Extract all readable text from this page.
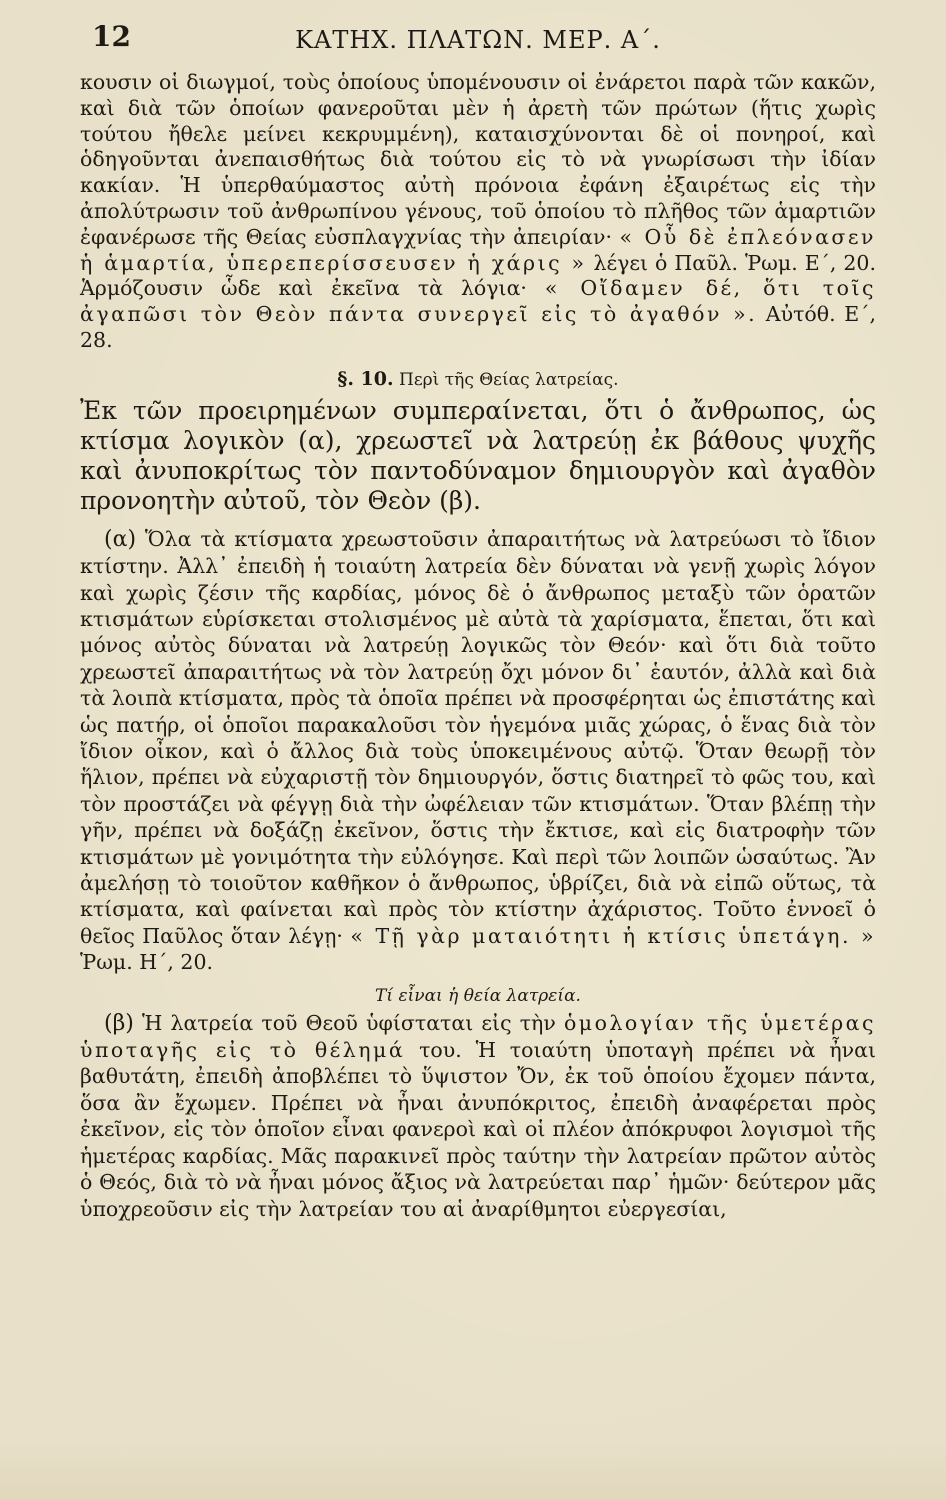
12	ΚΑΤΗΧ. ΠΛΑΤΩΝ. ΜΕΡ. Α΄.

κουσιν οἱ διωγμοί, τοὺς ὁποίους ὑπομένουσιν οἱ ἐνάρετοι παρὰ τῶν κακῶν, καὶ διὰ τῶν ὁποίων φανεροῦται μὲν ἡ ἀρετὴ τῶν πρώτων (ἥτις χωρὶς τούτου ἤθελε μείνει κεκρυμμένη), καταισχύνονται δὲ οἱ πονηροί, καὶ ὁδηγοῦνται ἀνεπαισθήτως διὰ τούτου εἰς τὸ νὰ γνωρίσωσι τὴν ἰδίαν κακίαν. Ἡ ὑπερθαύμαστος αὐτὴ πρόνοια ἐφάνη ἐξαιρέτως εἰς τὴν ἀπολύτρωσιν τοῦ ἀνθρωπίνου γένους, τοῦ ὁποίου τὸ πλῆθος τῶν ἁμαρτιῶν ἐφανέρωσε τῆς Θείας εὐσπλαγχνίας τὴν ἀπειρίαν· « Οὗ δὲ ἐπλεόνασεν ἡ ἁμαρτία, ὑπερεπερίσσευσεν ἡ χάρις » λέγει ὁ Παῦλ. Ῥωμ. Ε΄, 20. Ἁρμόζουσιν ὧδε καὶ ἐκεῖνα τὰ λόγια· « Οἴδαμεν δέ, ὅτι τοῖς ἀγαπῶσι τὸν Θεὸν πάντα συνεργεῖ εἰς τὸ ἀγαθόν ». Αὐτόθ. Ε΄, 28.

§. 10. Περὶ τῆς Θείας λατρείας.

Ἐκ τῶν προειρημένων συμπεραίνεται, ὅτι ὁ ἄνθρωπος, ὡς κτίσμα λογικὸν (α), χρεωστεῖ νὰ λατρεύῃ ἐκ βάθους ψυχῆς καὶ ἀνυποκρίτως τὸν παντοδύναμον δημιουργὸν καὶ ἀγαθὸν προνοητὴν αὐτοῦ, τὸν Θεὸν (β).

(α) Ὅλα τὰ κτίσματα χρεωστοῦσιν ἀπαραιτήτως νὰ λατρεύωσι τὸ ἴδιον κτίστην. Ἀλλ᾽ ἐπειδὴ ἡ τοιαύτη λατρεία δὲν δύναται νὰ γενῇ χωρὶς λόγον καὶ χωρὶς ζέσιν τῆς καρδίας, μόνος δὲ ὁ ἄνθρωπος μεταξὺ τῶν ὁρατῶν κτισμάτων εὑρίσκεται στολισμένος μὲ αὐτὰ τὰ χαρίσματα, ἕπεται, ὅτι καὶ μόνος αὐτὸς δύναται νὰ λατρεύῃ λογικῶς τὸν Θεόν· καὶ ὅτι διὰ τοῦτο χρεωστεῖ ἀπαραιτήτως νὰ τὸν λατρεύῃ ὄχι μόνον δι᾽ ἑαυτόν, ἀλλὰ καὶ διὰ τὰ λοιπὰ κτίσματα, πρὸς τὰ ὁποῖα πρέπει νὰ προσφέρηται ὡς ἐπιστάτης καὶ ὡς πατήρ, οἱ ὁποῖοι παρακαλοῦσι τὸν ἡγεμόνα μιᾶς χώρας, ὁ ἕνας διὰ τὸν ἴδιον οἶκον, καὶ ὁ ἄλλος διὰ τοὺς ὑποκειμένους αὐτῷ. Ὅταν θεωρῇ τὸν ἥλιον, πρέπει νὰ εὐχαριστῇ τὸν δημιουργόν, ὅστις διατηρεῖ τὸ φῶς του, καὶ τὸν προστάζει νὰ φέγγῃ διὰ τὴν ὠφέλειαν τῶν κτισμάτων. Ὅταν βλέπῃ τὴν γῆν, πρέπει νὰ δοξάζῃ ἐκεῖνον, ὅστις τὴν ἔκτισε, καὶ εἰς διατροφὴν τῶν κτισμάτων μὲ γονιμότητα τὴν εὐλόγησε. Καὶ περὶ τῶν λοιπῶν ὡσαύτως. Ἂν ἀμελήσῃ τὸ τοιοῦτον καθῆκον ὁ ἄνθρωπος, ὑβρίζει, διὰ νὰ εἰπῶ οὕτως, τὰ κτίσματα, καὶ φαίνεται καὶ πρὸς τὸν κτίστην ἀχάριστος. Τοῦτο ἐννοεῖ ὁ θεῖος Παῦλος ὅταν λέγῃ· « Τῇ γὰρ ματαιότητι ἡ κτίσις ὑπετάγη. » Ῥωμ. Η΄, 20.

Τί εἶναι ἡ θεία λατρεία.

(β) Ἡ λατρεία τοῦ Θεοῦ ὑφίσταται εἰς τὴν ὁμολογίαν τῆς ὑμετέρας ὑποταγῆς εἰς τὸ θέλημά του. Ἡ τοιαύτη ὑποταγὴ πρέπει νὰ ἦναι βαθυτάτη, ἐπειδὴ ἀποβλέπει τὸ ὕψιστον Ὄν, ἐκ τοῦ ὁποίου ἔχομεν πάντα, ὅσα ἂν ἔχωμεν. Πρέπει νὰ ἦναι ἀνυπόκριτος, ἐπειδὴ ἀναφέρεται πρὸς ἐκεῖνον, εἰς τὸν ὁποῖον εἶναι φανεροὶ καὶ οἱ πλέον ἀπόκρυφοι λογισμοὶ τῆς ἡμετέρας καρδίας. Μᾶς παρακινεῖ πρὸς ταύτην τὴν λατρείαν πρῶτον αὐτὸς ὁ Θεός, διὰ τὸ νὰ ἦναι μόνος ἄξιος νὰ λατρεύεται παρ᾽ ἡμῶν· δεύτερον μᾶς ὑποχρεοῦσιν εἰς τὴν λατρείαν του αἱ ἀναρίθμητοι εὐεργεσίαι,
